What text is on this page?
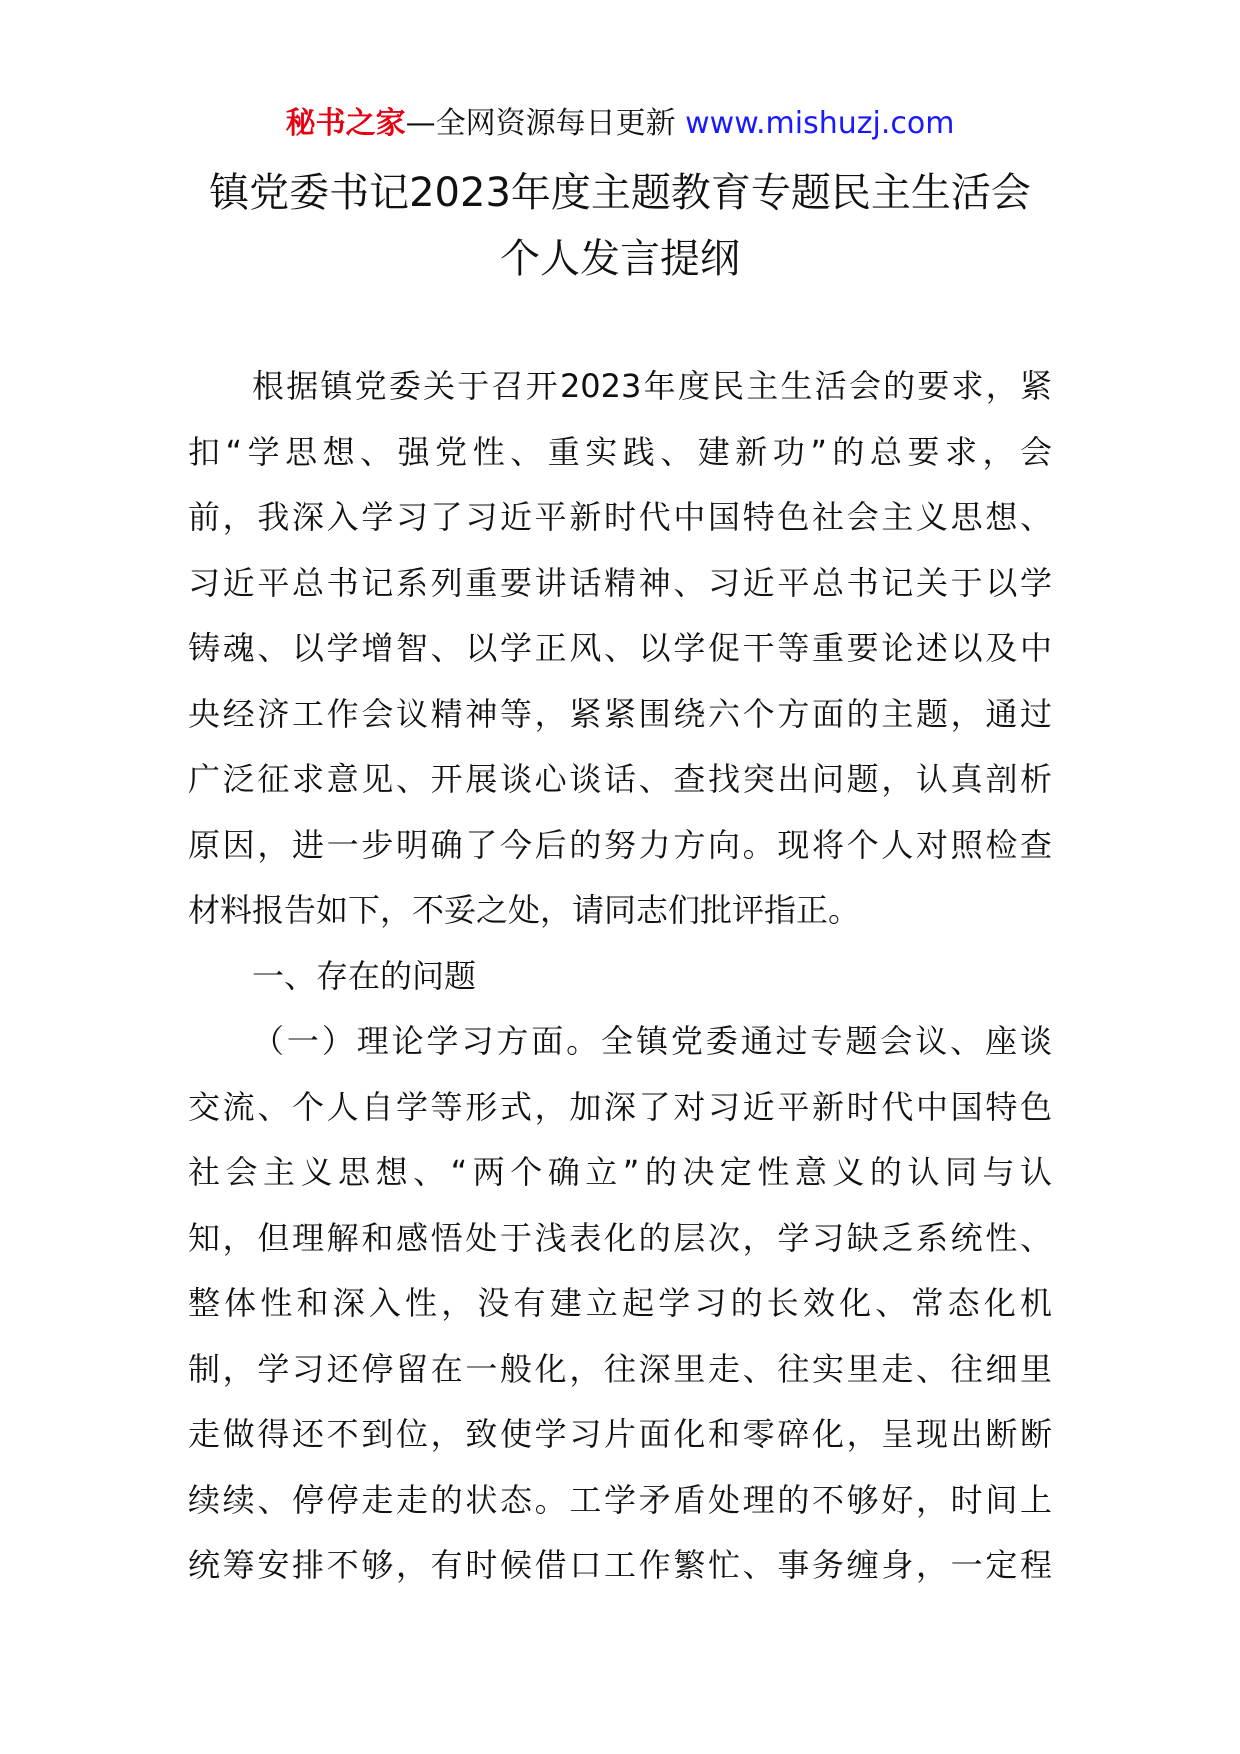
秘书之家—全网资源每日更新 www.mishuzj.com
镇党委书记2023年度主题教育专题民主生活会
个人发言提纲
根据镇党委关于召开2023年度民主生活会的要求，紧
扣“学思想、强党性、重实践、建新功”的总要求，会
前，我深入学习了习近平新时代中国特色社会主义思想、
习近平总书记系列重要讲话精神、习近平总书记关于以学
铸魂、以学增智、以学正风、以学促干等重要论述以及中
央经济工作会议精神等，紧紧围绕六个方面的主题，通过
广泛征求意见、开展谈心谈话、查找突出问题，认真剖析
原因，进一步明确了今后的努力方向。现将个人对照检查
材料报告如下，不妥之处，请同志们批评指正。
一、存在的问题
（一）理论学习方面。全镇党委通过专题会议、座谈
交流、个人自学等形式，加深了对习近平新时代中国特色
社会主义思想、“两个确立”的决定性意义的认同与认
知，但理解和感悟处于浅表化的层次，学习缺乏系统性、
整体性和深入性，没有建立起学习的长效化、常态化机
制，学习还停留在一般化，往深里走、往实里走、往细里
走做得还不到位，致使学习片面化和零碎化，呈现出断断
续续、停停走走的状态。工学矛盾处理的不够好，时间上
统筹安排不够，有时候借口工作繁忙、事务缠身，一定程
